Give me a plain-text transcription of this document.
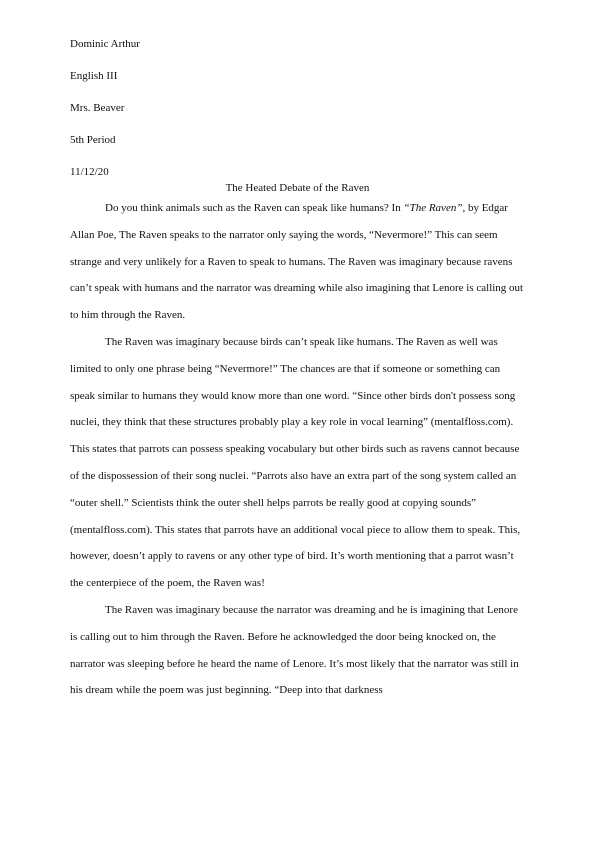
Dominic Arthur
English III
Mrs. Beaver
5th Period
11/12/20
The Heated Debate of the Raven

Do you think animals such as the Raven can speak like humans? In “The Raven”, by Edgar Allan Poe, The Raven speaks to the narrator only saying the words, “Nevermore!” This can seem strange and very unlikely for a Raven to speak to humans. The Raven was imaginary because ravens can’t speak with humans and the narrator was dreaming while also imagining that Lenore is calling out to him through the Raven.

The Raven was imaginary because birds can’t speak like humans. The Raven as well was limited to only one phrase being “Nevermore!” The chances are that if someone or something can speak similar to humans they would know more than one word. “Since other birds don't possess song nuclei, they think that these structures probably play a key role in vocal learning” (mentalfloss.com). This states that parrots can possess speaking vocabulary but other birds such as ravens cannot because of the dispossession of their song nuclei. “Parrots also have an extra part of the song system called an “outer shell.” Scientists think the outer shell helps parrots be really good at copying sounds” (mentalfloss.com). This states that parrots have an additional vocal piece to allow them to speak. This, however, doesn’t apply to ravens or any other type of bird. It’s worth mentioning that a parrot wasn’t the centerpiece of the poem, the Raven was!

The Raven was imaginary because the narrator was dreaming and he is imagining that Lenore is calling out to him through the Raven. Before he acknowledged the door being knocked on, the narrator was sleeping before he heard the name of Lenore. It’s most likely that the narrator was still in his dream while the poem was just beginning. “Deep into that darkness
